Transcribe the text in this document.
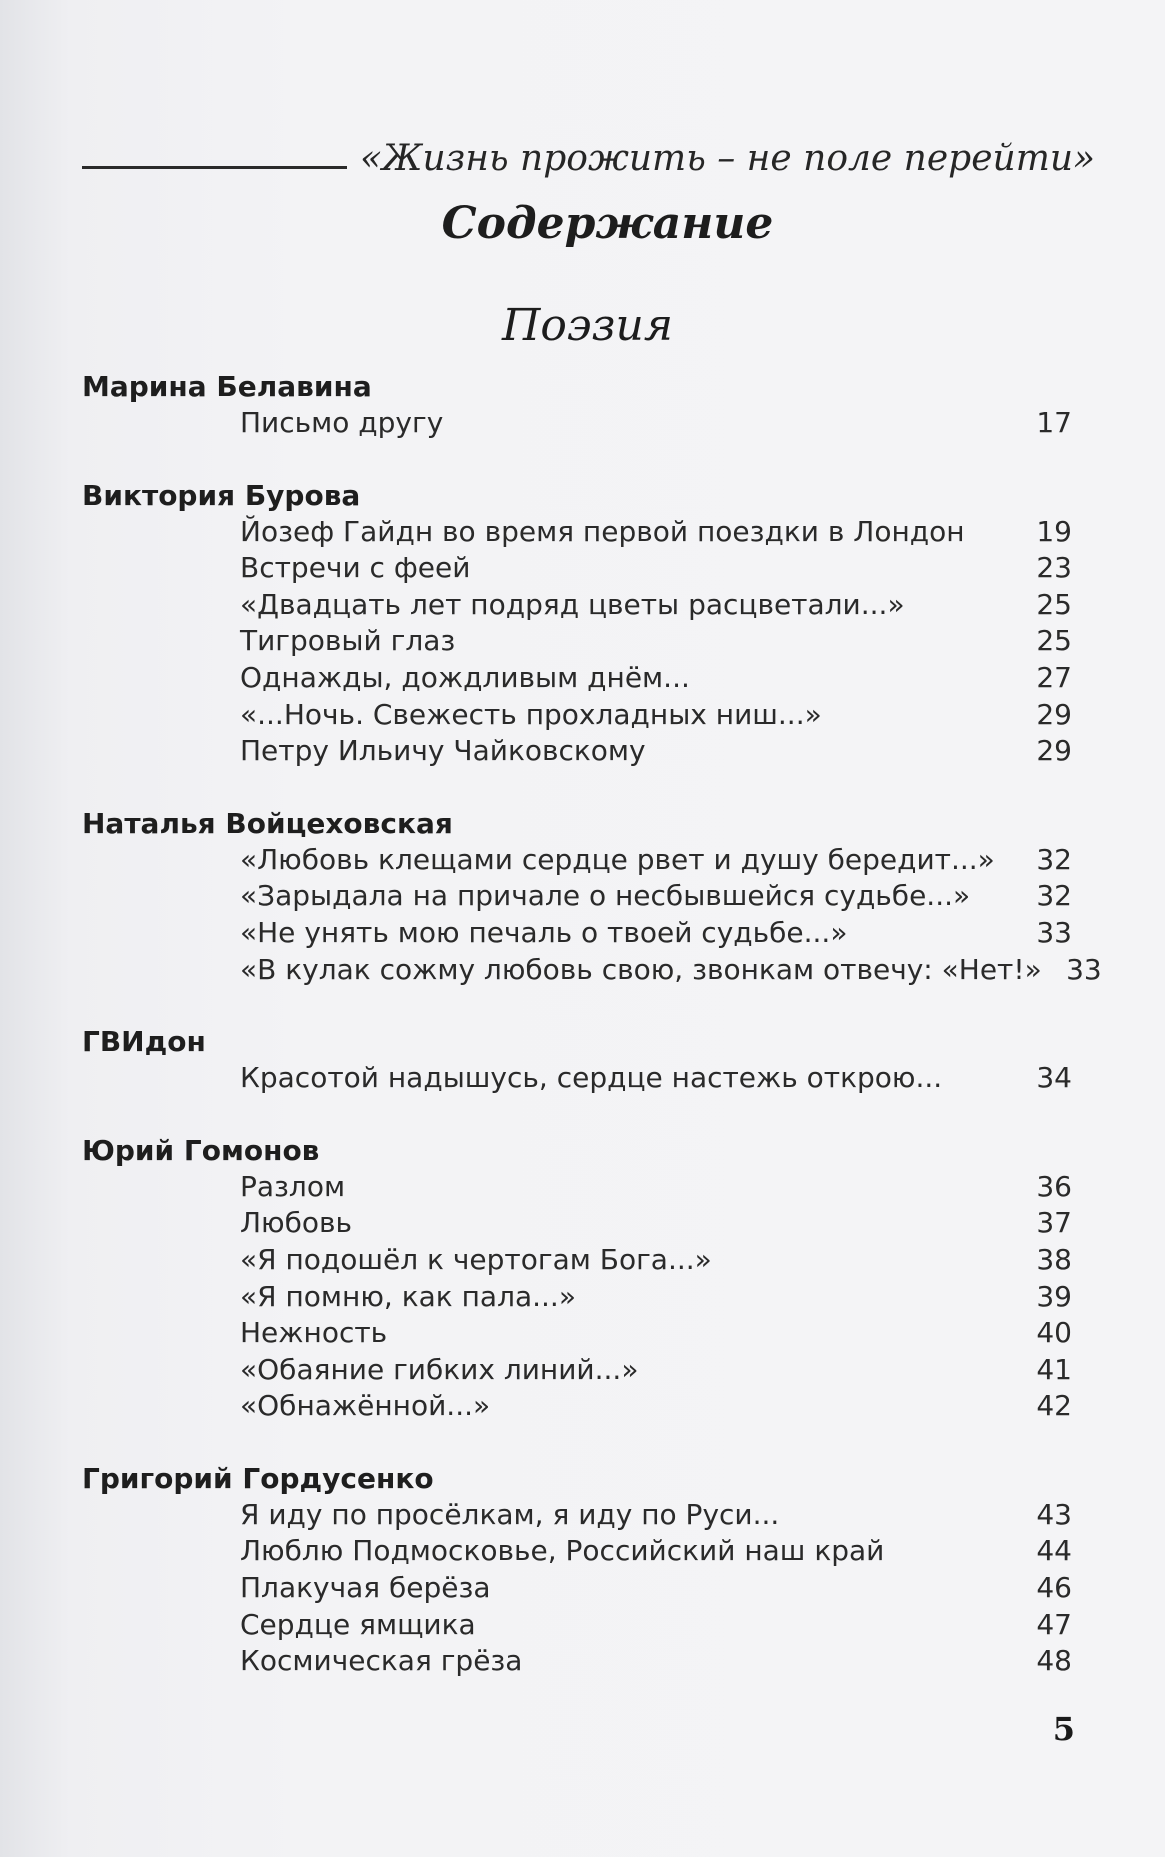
«Жизнь прожить – не поле перейти»
Содержание
Поэзия
Марина Белавина
Письмо другу	17
Виктория Бурова
Йозеф Гайдн во время первой поездки в Лондон	19
Встречи с феей	23
«Двадцать лет подряд цветы расцветали...»	25
Тигровый глаз	25
Однажды, дождливым днём...	27
«...Ночь. Свежесть прохладных ниш...»	29
Петру Ильичу Чайковскому	29
Наталья Войцеховская
«Любовь клещами сердце рвет и душу бередит...»	32
«Зарыдала на причале о несбывшейся судьбе...»	32
«Не унять мою печаль о твоей судьбе...»	33
«В кулак сожму любовь свою, звонкам отвечу: «Нет!» 33
ГВИдон
Красотой надышусь, сердце настежь открою...	34
Юрий Гомонов
Разлом	36
Любовь	37
«Я подошёл к чертогам Бога...»	38
«Я помню, как пала...»	39
Нежность	40
«Обаяние гибких линий...»	41
«Обнажённой...»	42
Григорий Гордусенко
Я иду по просёлкам, я иду по Руси...	43
Люблю Подмосковье, Российский наш край	44
Плакучая берёза	46
Сердце ямщика	47
Космическая грёза	48
5
